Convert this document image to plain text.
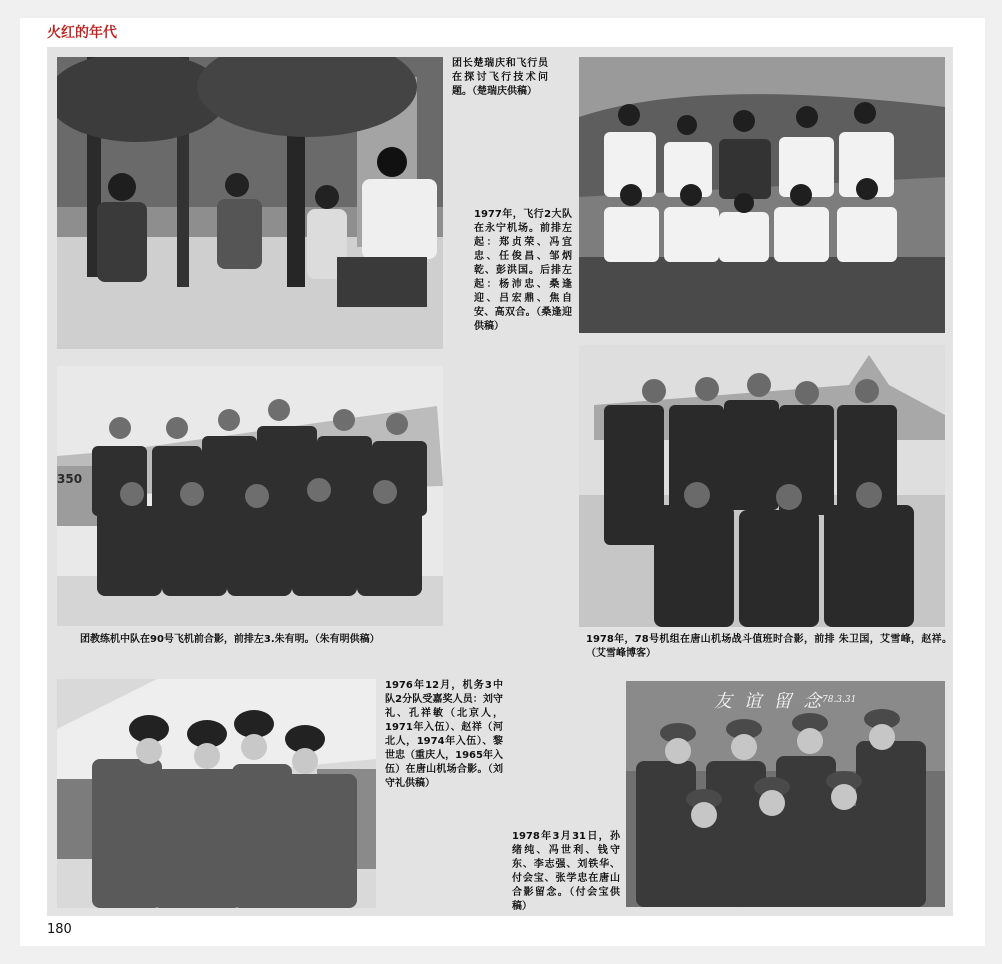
火红的年代
团长楚瑞庆和飞行员在探讨飞行技术问题。（楚瑞庆供稿）
1977年，飞行2大队在永宁机场。前排左起：郑贞荣、冯宜忠、任俊昌、邹炳乾、彭洪国。后排左起：杨沛忠、桑逢迎、吕宏鼎、焦自安、高双合。（桑逢迎供稿）
350
团教练机中队在90号飞机前合影，前排左3.朱有明。（朱有明供稿）	1978年，78号机组在唐山机场战斗值班时合影，前排 朱卫国，艾雪峰，赵祥。（艾雪峰博客）
1976年12月，机务3中队2分队受嘉奖人员：刘守礼、孔祥敏（北京人，1971年入伍）、赵祥（河北人，1974年入伍）、黎世忠（重庆人，1965年入伍）在唐山机场合影。（刘守礼供稿）
友 谊 留 念
78.3.31
1978年3月31日，孙绪纯、冯世利、钱守东、李志强、刘铁华、付会宝、张学忠在唐山合影留念。（付会宝供稿）
180
